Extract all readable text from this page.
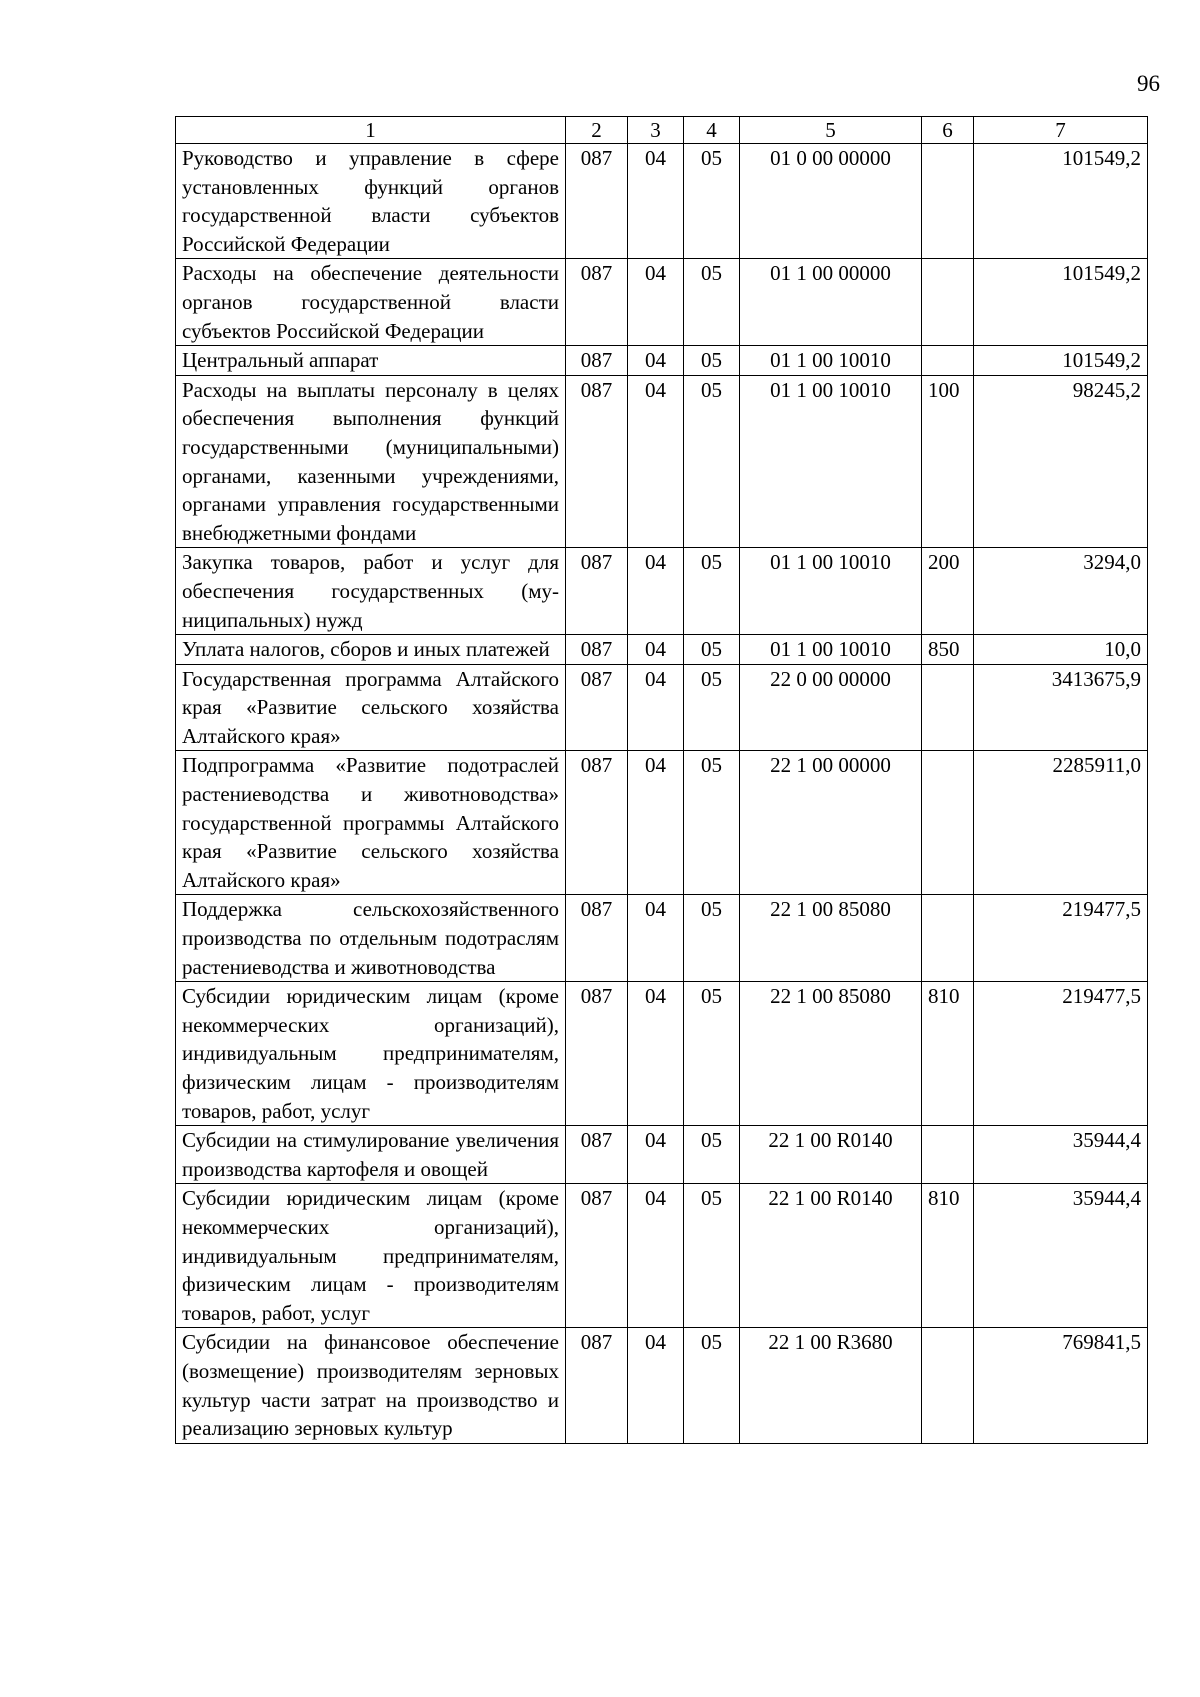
96
1	2	3	4	5	6	7
Руководство и управление в сфере установленных функций органов государственной власти субъектов Российской Федерации	087	04	05	01 0 00 00000		101549,2
Расходы на обеспечение деятельности органов государственной власти субъектов Российской Федерации	087	04	05	01 1 00 00000		101549,2
Центральный аппарат	087	04	05	01 1 00 10010		101549,2
Расходы на выплаты персоналу в целях обеспечения выполнения функций государственными (муниципальными) органами, казенными учреждениями, органами управления государственными внебюджетными фондами	087	04	05	01 1 00 10010	100	98245,2
Закупка товаров, работ и услуг для обеспечения государственных (муниципальных) нужд	087	04	05	01 1 00 10010	200	3294,0
Уплата налогов, сборов и иных платежей	087	04	05	01 1 00 10010	850	10,0
Государственная программа Алтайского края «Развитие сельского хозяйства Алтайского края»	087	04	05	22 0 00 00000		3413675,9
Подпрограмма «Развитие подотраслей растениеводства и животноводства» государственной программы Алтайского края «Развитие сельского хозяйства Алтайского края»	087	04	05	22 1 00 00000		2285911,0
Поддержка сельскохозяйственного производства по отдельным подотраслям растениеводства и животноводства	087	04	05	22 1 00 85080		219477,5
Субсидии юридическим лицам (кроме некоммерческих организаций), индивидуальным предпринимателям, физическим лицам - производителям товаров, работ, услуг	087	04	05	22 1 00 85080	810	219477,5
Субсидии на стимулирование увеличения производства картофеля и овощей	087	04	05	22 1 00 R0140		35944,4
Субсидии юридическим лицам (кроме некоммерческих организаций), индивидуальным предпринимателям, физическим лицам - производителям товаров, работ, услуг	087	04	05	22 1 00 R0140	810	35944,4
Субсидии на финансовое обеспечение (возмещение) производителям зерновых культур части затрат на производство и реализацию зерновых культур	087	04	05	22 1 00 R3680		769841,5
